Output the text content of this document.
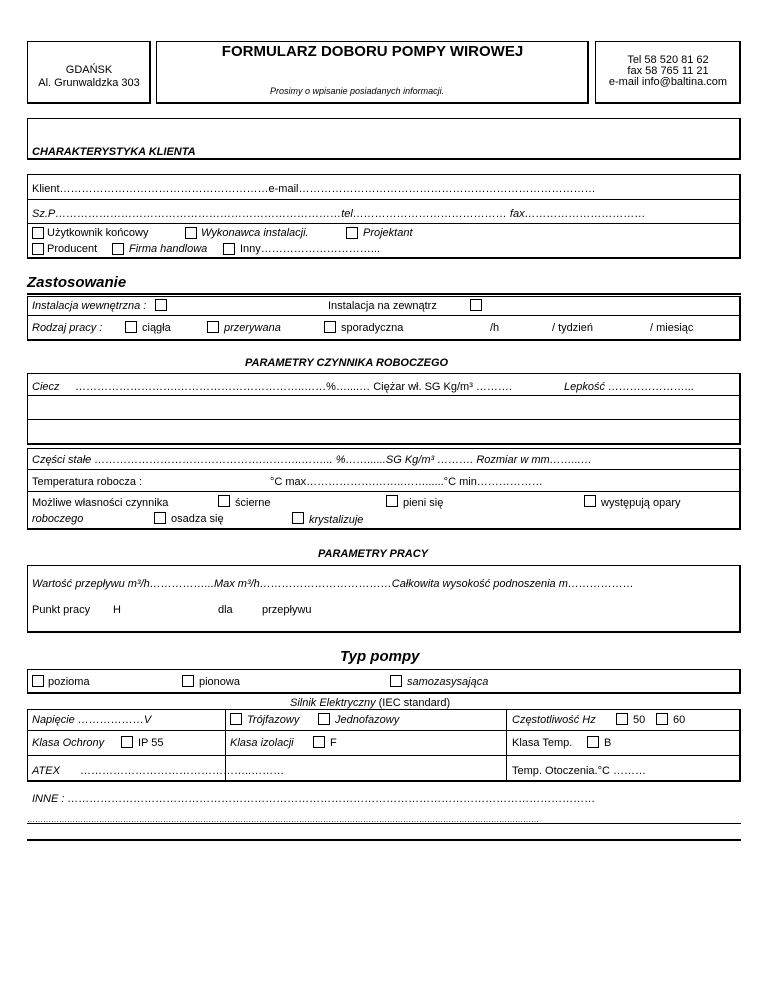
GDAŃSK
Al. Grunwaldzka 303
FORMULARZ DOBORU POMPY WIROWEJ
Prosimy o wpisanie posiadanych informacji.
Tel 58 520 81 62
fax 58 765 11 21
e-mail info@baltina.com
CHARAKTERYSTYKA KLIENTA
Klient…………………………………………………e-mail………………………………………………………………………
Sz.P……………………………………………………………………tel…………………………………… fax……………………………
Użytkownik końcowy	Wykonawca instalacji.	Projektant
Producent	Firma handlowa	Inny…………………………...
Zastosowanie
Instalacja wewnętrzna :	Instalacja na zewnątrz
Rodzaj pracy :	ciągła	przerywana	sporadyczna	/h	/ tydzień	/ miesiąc
PARAMETRY CZYNNIKA ROBOCZEGO
Ciecz ……………………….……………………………..……%…....… Ciężar wł. SG Kg/m³ ……….	Lepkość …………………...
Części stałe ……………………………………….………..……... %……......SG Kg/m³ ………. Rozmiar w mm……...…
Temperatura robocza :	°C max……………….……..……......°C min………………
Możliwe własności czynnika
roboczego
ścierne	pieni się	występują opary
osadza się	krystalizuje
PARAMETRY PRACY
Wartość przepływu m³/h……………...Max m³/h………………………………Całkowita wysokość podnoszenia m………………
Punkt pracy H	dla	przepływu
Typ pompy
pozioma	pionowa	samozasysająca
Silnik Elektryczny (IEC standard)
Napięcie ………………V	Trójfazowy	Jednofazowy	Częstotliwość Hz	50	60
Klasa Ochrony	IP 55	Klasa izolacji	F	Klasa Temp.	B
ATEX ………………………………………..………	Temp. Otoczenia.°C ………
INNE : ………………………………………………………………………………………………………………………………
…………………………………………………………………………………………………………………………………………………………………………
